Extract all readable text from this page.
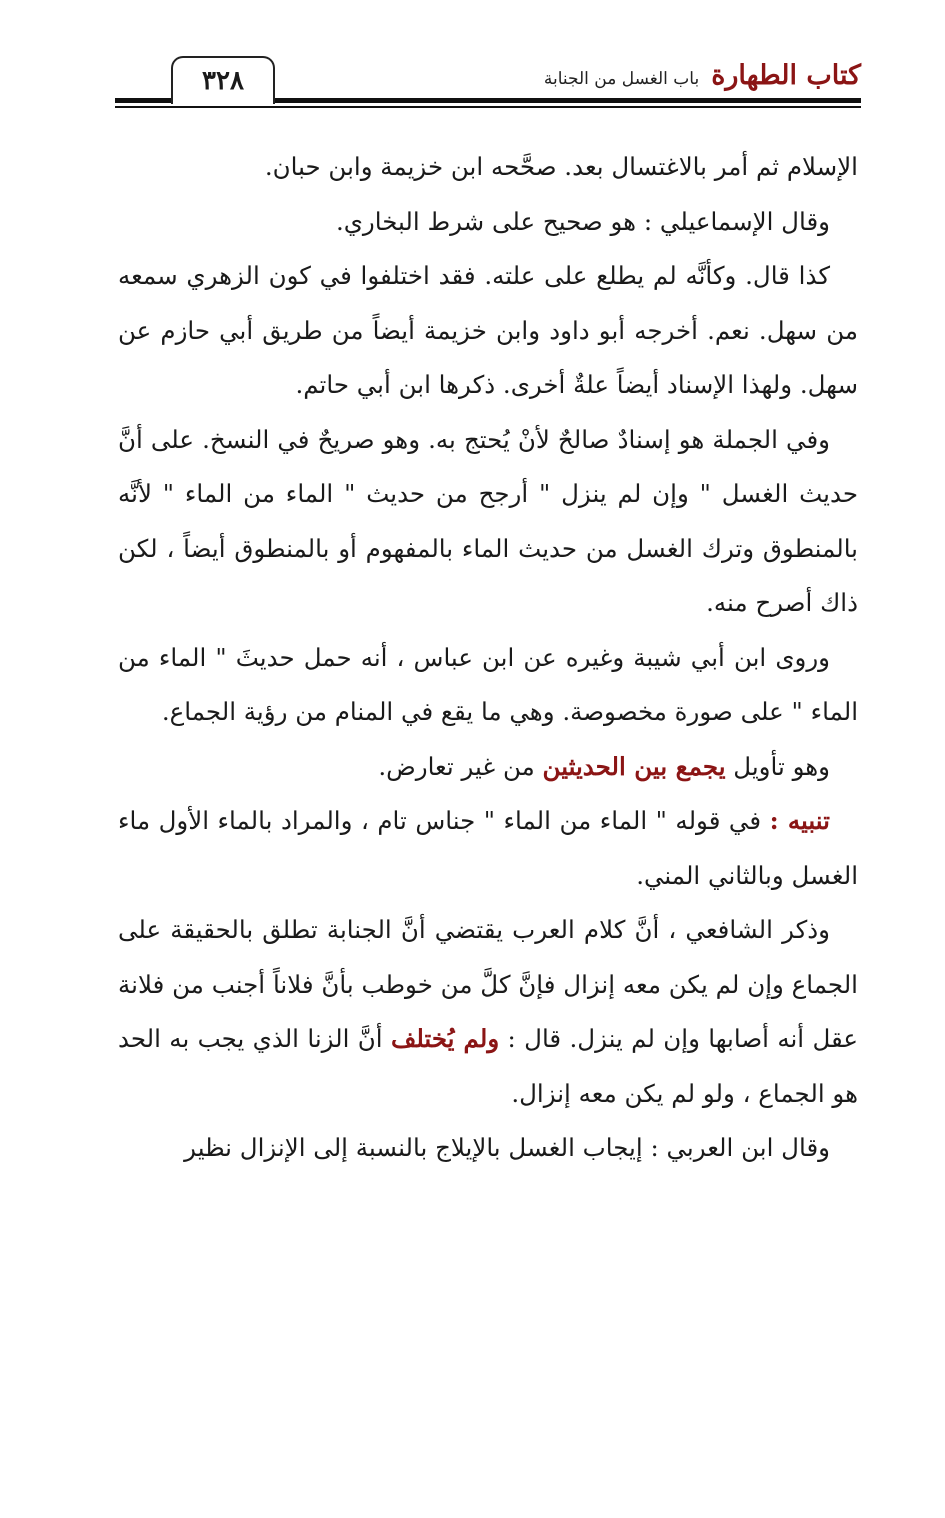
٣٢٨	كتاب الطهارةباب الغسل من الجنابة

الإسلام ثم أمر بالاغتسال بعد. صحَّحه ابن خزيمة وابن حبان.

وقال الإسماعيلي : هو صحيح على شرط البخاري.

كذا قال. وكأنَّه لم يطلع على علته. فقد اختلفوا في كون الزهري سمعه من سهل. نعم. أخرجه أبو داود وابن خزيمة أيضاً من طريق أبي حازم عن سهل. ولهذا الإسناد أيضاً علةٌ أخرى. ذكرها ابن أبي حاتم.

وفي الجملة هو إسنادٌ صالحٌ لأنْ يُحتج به. وهو صريحٌ في النسخ. على أنَّ حديث الغسل " وإن لم ينزل " أرجح من حديث " الماء من الماء " لأنَّه بالمنطوق وترك الغسل من حديث الماء بالمفهوم أو بالمنطوق أيضاً ، لكن ذاك أصرح منه.

وروى ابن أبي شيبة وغيره عن ابن عباس ، أنه حمل حديثَ " الماء من الماء " على صورة مخصوصة. وهي ما يقع في المنام من رؤية الجماع.

وهو تأويل يجمع بين الحديثين من غير تعارض.

تنبيه : في قوله " الماء من الماء " جناس تام ، والمراد بالماء الأول ماء الغسل وبالثاني المني.

وذكر الشافعي ، أنَّ كلام العرب يقتضي أنَّ الجنابة تطلق بالحقيقة على الجماع وإن لم يكن معه إنزال فإنَّ كلَّ من خوطب بأنَّ فلاناً أجنب من فلانة عقل أنه أصابها وإن لم ينزل. قال : ولم يُختلف أنَّ الزنا الذي يجب به الحد هو الجماع ، ولو لم يكن معه إنزال.

وقال ابن العربي : إيجاب الغسل بالإيلاج بالنسبة إلى الإنزال نظير
